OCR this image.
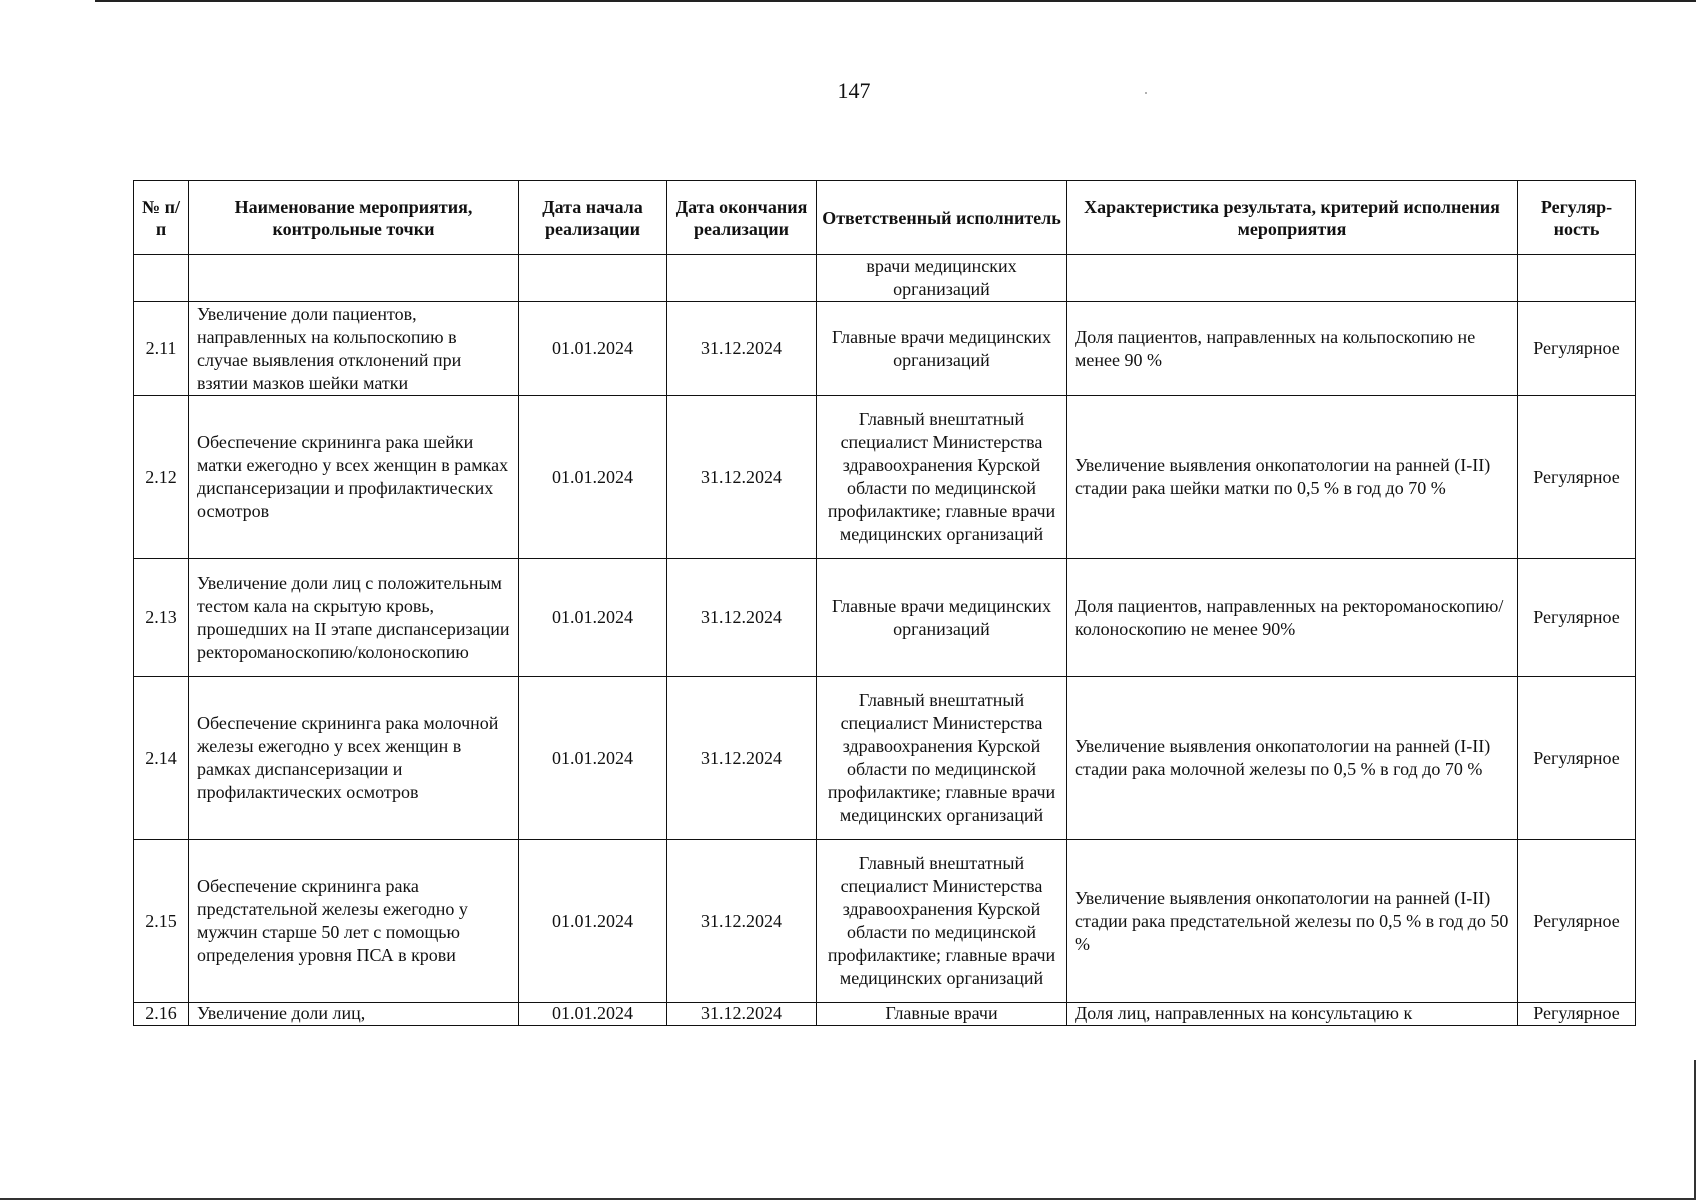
147
№ п/п	Наименование мероприятия, контрольные точки	Дата начала реализации	Дата окончания реализации	Ответственный исполнитель	Характеристика результата, критерий исполнения мероприятия	Регуляр-ность
				врачи медицинских организаций		
2.11	Увеличение доли пациентов, направленных на кольпоскопию в случае выявления отклонений при взятии мазков шейки матки	01.01.2024	31.12.2024	Главные врачи медицинских организаций	Доля пациентов, направленных на кольпоскопию не менее 90 %	Регулярное
2.12	Обеспечение скрининга рака шейки матки ежегодно у всех женщин в рамках диспансеризации и профилактических осмотров	01.01.2024	31.12.2024	Главный внештатный специалист Министерства здравоохранения Курской области по медицинской профилактике; главные врачи медицинских организаций	Увеличение выявления онкопатологии на ранней (I-II) стадии рака шейки матки по 0,5 % в год до 70 %	Регулярное
2.13	Увеличение доли лиц с положительным тестом кала на скрытую кровь, прошедших на II этапе диспансеризации ректороманоскопию/колоноскопию	01.01.2024	31.12.2024	Главные врачи медицинских организаций	Доля пациентов, направленных на ректороманоскопию/колоноскопию не менее 90%	Регулярное
2.14	Обеспечение скрининга рака молочной железы ежегодно у всех женщин в рамках диспансеризации и профилактических осмотров	01.01.2024	31.12.2024	Главный внештатный специалист Министерства здравоохранения Курской области по медицинской профилактике; главные врачи медицинских организаций	Увеличение выявления онкопатологии на ранней (I-II) стадии рака молочной железы по 0,5 % в год до 70 %	Регулярное
2.15	Обеспечение скрининга рака предстательной железы ежегодно у мужчин старше 50 лет с помощью определения уровня ПСА в крови	01.01.2024	31.12.2024	Главный внештатный специалист Министерства здравоохранения Курской области по медицинской профилактике; главные врачи медицинских организаций	Увеличение выявления онкопатологии на ранней (I-II) стадии рака предстательной железы по 0,5 % в год до 50 %	Регулярное
2.16	Увеличение доли лиц,	01.01.2024	31.12.2024	Главные врачи	Доля лиц, направленных на консультацию к	Регулярное
